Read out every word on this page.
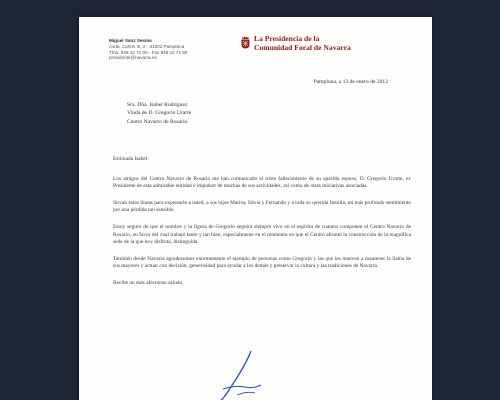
Miguel Sanz Sesma
Avda. Carlos III, 2 - 31002 Pamplona
Tfno. 848 42 71 00 - Fax 848 42 71 99
presidente@navarra.es
La Presidencia de la
Comunidad Foral de Navarra
Pamplona, a 13 de enero de 2012
Sra. Dña. Isabel Rodríguez
Viuda de D. Gregorio Urarte
Centro Navarro de Rosario

Estimada Isabel:

Los amigos del Centro Navarro de Rosario me han comunicado el triste fallecimiento de su querido esposo, D. Gregorio Urarte, ex Presidente de esta admirable entidad e impulsor de muchas de sus actividades, así como de otras iniciativas asociadas.

Sirvan estas líneas para expresarle a usted, a sus hijos Marisa, Silvia y Fernando y a toda su querida familia, mi más profundo sentimiento por una pérdida tan sensible.

Estoy seguro de que el nombre y la figura de Gregorio seguirá siempre vivo en el espíritu de cuantos componen el Centro Navarro de Rosario, en favor del cual trabajó tanto y tan bien, especialmente en el momento en que el Centro afrontó la construcción de la magnífica sede de la que hoy disfruta, distinguida.

También desde Navarra agradecemos enormemente el ejemplo de personas como Gregorio y las que les mueven a mantener la llama de sus mayores y actuar con decisión, generosidad para ayudar a los demás y preservar la cultura y las tradiciones de Navarra.

Recibe un más afectuoso saludo,
